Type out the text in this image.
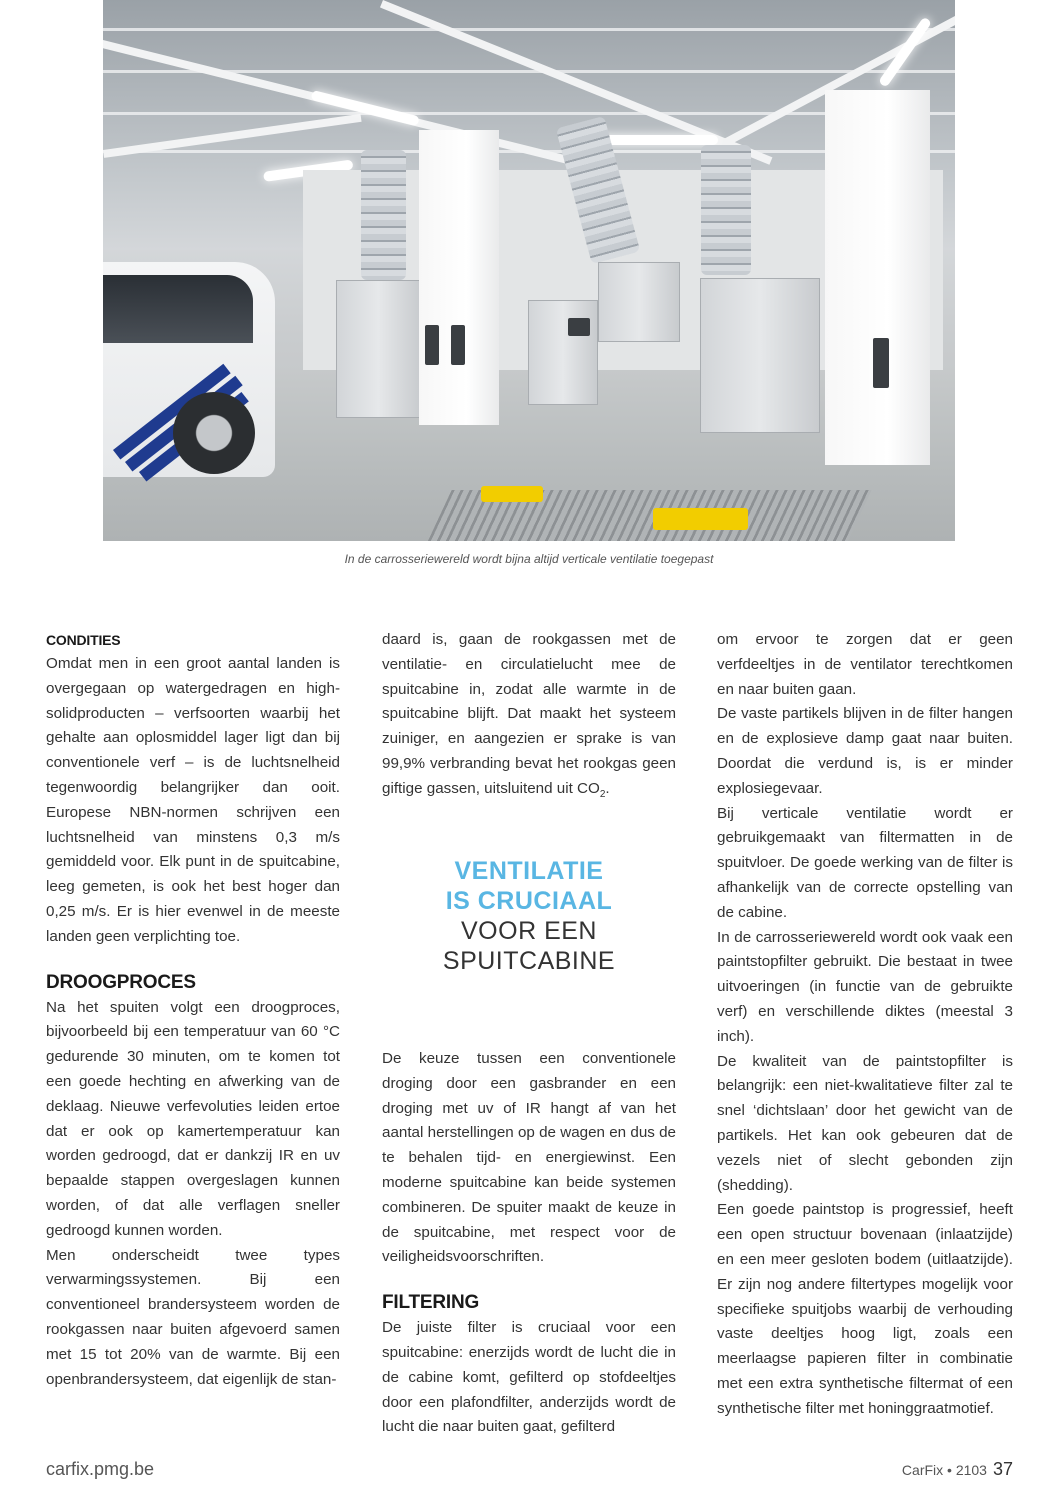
In de carrosseriewereld wordt bijna altijd verticale ventilatie toegepast
CONDITIES

Omdat men in een groot aantal landen is overgegaan op watergedragen en high-solidproducten – verfsoorten waarbij het gehalte aan oplosmiddel lager ligt dan bij conventionele verf – is de luchtsnelheid tegenwoordig belangrijker dan ooit. Europese NBN-normen schrijven een luchtsnelheid van minstens 0,3 m/s gemiddeld voor. Elk punt in de spuitcabine, leeg gemeten, is ook het best hoger dan 0,25 m/s. Er is hier evenwel in de meeste landen geen verplichting toe.

DROOGPROCES

Na het spuiten volgt een droogproces, bijvoorbeeld bij een temperatuur van 60 °C gedurende 30 minuten, om te komen tot een goede hechting en afwerking van de deklaag. Nieuwe verfevoluties leiden ertoe dat er ook op kamertemperatuur kan worden gedroogd, dat er dankzij IR en uv bepaalde stappen overgeslagen kunnen worden, of dat alle verflagen sneller gedroogd kunnen worden.

Men onderscheidt twee types verwarmingssystemen. Bij een conventioneel brandersysteem worden de rookgassen naar buiten afgevoerd samen met 15 tot 20% van de warmte. Bij een openbrandersysteem, dat eigenlijk de stan-

daard is, gaan de rookgassen met de ventilatie- en circulatielucht mee de spuitcabine in, zodat alle warmte in de spuitcabine blijft. Dat maakt het systeem zuiniger, en aangezien er sprake is van 99,9% verbranding bevat het rookgas geen giftige gassen, uitsluitend uit $CO_2$.

VENTILATIE
IS CRUCIAAL
VOOR EEN
SPUITCABINE

De keuze tussen een conventionele droging door een gasbrander en een droging met uv of IR hangt af van het aantal herstellingen op de wagen en dus de te behalen tijd- en energiewinst. Een moderne spuitcabine kan beide systemen combineren. De spuiter maakt de keuze in de spuitcabine, met respect voor de veiligheidsvoorschriften.

FILTERING

De juiste filter is cruciaal voor een spuitcabine: enerzijds wordt de lucht die in de cabine komt, gefilterd op stofdeeltjes door een plafondfilter, anderzijds wordt de lucht die naar buiten gaat, gefilterd

om ervoor te zorgen dat er geen verfdeeltjes in de ventilator terechtkomen en naar buiten gaan.

De vaste partikels blijven in de filter hangen en de explosieve damp gaat naar buiten. Doordat die verdund is, is er minder explosiegevaar.

Bij verticale ventilatie wordt er gebruikgemaakt van filtermatten in de spuitvloer. De goede werking van de filter is afhankelijk van de correcte opstelling van de cabine.

In de carrosseriewereld wordt ook vaak een paintstopfilter gebruikt. Die bestaat in twee uitvoeringen (in functie van de gebruikte verf) en verschillende diktes (meestal 3 inch).

De kwaliteit van de paintstopfilter is belangrijk: een niet-kwalitatieve filter zal te snel ‘dichtslaan’ door het gewicht van de partikels. Het kan ook gebeuren dat de vezels niet of slecht gebonden zijn (shedding).

Een goede paintstop is progressief, heeft een open structuur bovenaan (inlaatzijde) en een meer gesloten bodem (uitlaatzijde). Er zijn nog andere filtertypes mogelijk voor specifieke spuitjobs waarbij de verhouding vaste deeltjes hoog ligt, zoals een meerlaagse papieren filter in combinatie met een extra synthetische filtermat of een synthetische filter met honinggraatmotief.

carfix.pmg.be	CarFix • 2103 37
